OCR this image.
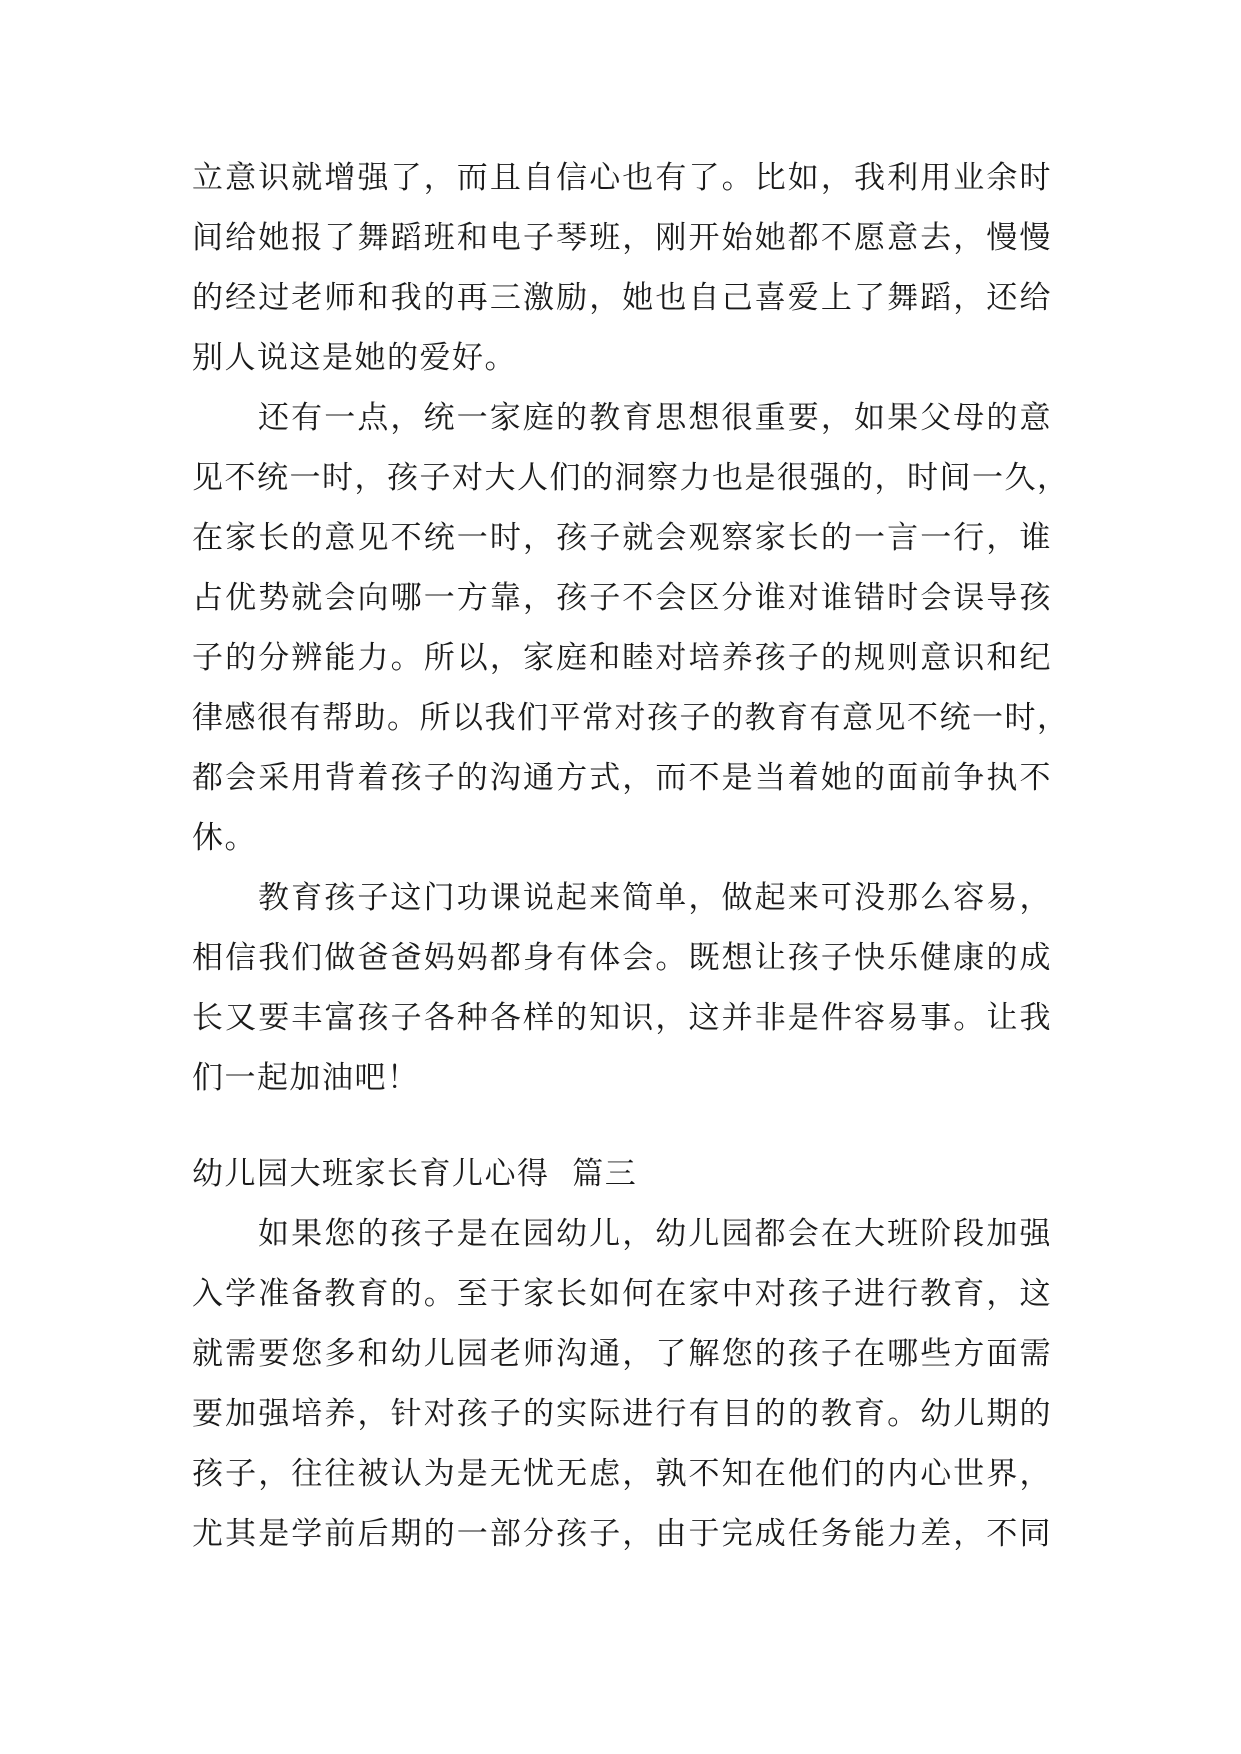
立意识就增强了，而且自信心也有了。比如，我利用业余时
间给她报了舞蹈班和电子琴班，刚开始她都不愿意去，慢慢
的经过老师和我的再三激励，她也自己喜爱上了舞蹈，还给
别人说这是她的爱好。
还有一点，统一家庭的教育思想很重要，如果父母的意
见不统一时，孩子对大人们的洞察力也是很强的，时间一久，
在家长的意见不统一时，孩子就会观察家长的一言一行，谁
占优势就会向哪一方靠，孩子不会区分谁对谁错时会误导孩
子的分辨能力。所以，家庭和睦对培养孩子的规则意识和纪
律感很有帮助。所以我们平常对孩子的教育有意见不统一时，
都会采用背着孩子的沟通方式，而不是当着她的面前争执不
休。
教育孩子这门功课说起来简单，做起来可没那么容易，
相信我们做爸爸妈妈都身有体会。既想让孩子快乐健康的成
长又要丰富孩子各种各样的知识，这并非是件容易事。让我
们一起加油吧！
幼儿园大班家长育儿心得  篇三
如果您的孩子是在园幼儿，幼儿园都会在大班阶段加强
入学准备教育的。至于家长如何在家中对孩子进行教育，这
就需要您多和幼儿园老师沟通，了解您的孩子在哪些方面需
要加强培养，针对孩子的实际进行有目的的教育。幼儿期的
孩子，往往被认为是无忧无虑，孰不知在他们的内心世界，
尤其是学前后期的一部分孩子，由于完成任务能力差，不同
